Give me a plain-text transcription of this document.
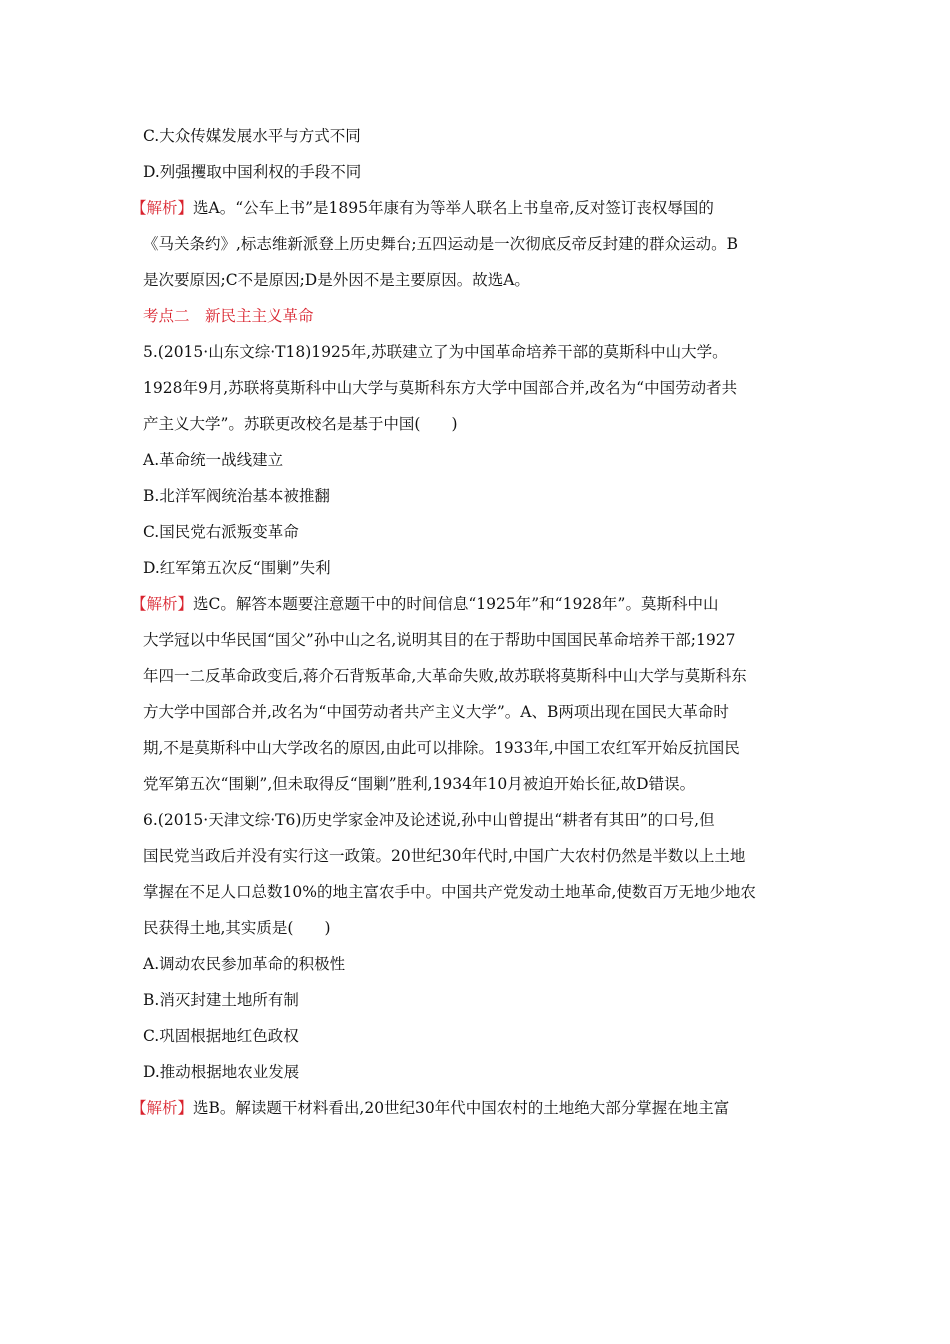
C.大众传媒发展水平与方式不同
D.列强攫取中国利权的手段不同
【解析】选A。“公车上书”是1895年康有为等举人联名上书皇帝,反对签订丧权辱国的
《马关条约》,标志维新派登上历史舞台;五四运动是一次彻底反帝反封建的群众运动。B
是次要原因;C不是原因;D是外因不是主要原因。故选A。
考点二　新民主主义革命
5.(2015·山东文综·T18)1925年,苏联建立了为中国革命培养干部的莫斯科中山大学。
1928年9月,苏联将莫斯科中山大学与莫斯科东方大学中国部合并,改名为“中国劳动者共
产主义大学”。苏联更改校名是基于中国(　　)
A.革命统一战线建立
B.北洋军阀统治基本被推翻
C.国民党右派叛变革命
D.红军第五次反“围剿”失利
【解析】选C。解答本题要注意题干中的时间信息“1925年”和“1928年”。莫斯科中山
大学冠以中华民国“国父”孙中山之名,说明其目的在于帮助中国国民革命培养干部;1927
年四一二反革命政变后,蒋介石背叛革命,大革命失败,故苏联将莫斯科中山大学与莫斯科东
方大学中国部合并,改名为“中国劳动者共产主义大学”。A、B两项出现在国民大革命时
期,不是莫斯科中山大学改名的原因,由此可以排除。1933年,中国工农红军开始反抗国民
党军第五次“围剿”,但未取得反“围剿”胜利,1934年10月被迫开始长征,故D错误。
6.(2015·天津文综·T6)历史学家金冲及论述说,孙中山曾提出“耕者有其田”的口号,但
国民党当政后并没有实行这一政策。20世纪30年代时,中国广大农村仍然是半数以上土地
掌握在不足人口总数10%的地主富农手中。中国共产党发动土地革命,使数百万无地少地农
民获得土地,其实质是(　　)
A.调动农民参加革命的积极性
B.消灭封建土地所有制
C.巩固根据地红色政权
D.推动根据地农业发展
【解析】选B。解读题干材料看出,20世纪30年代中国农村的土地绝大部分掌握在地主富
